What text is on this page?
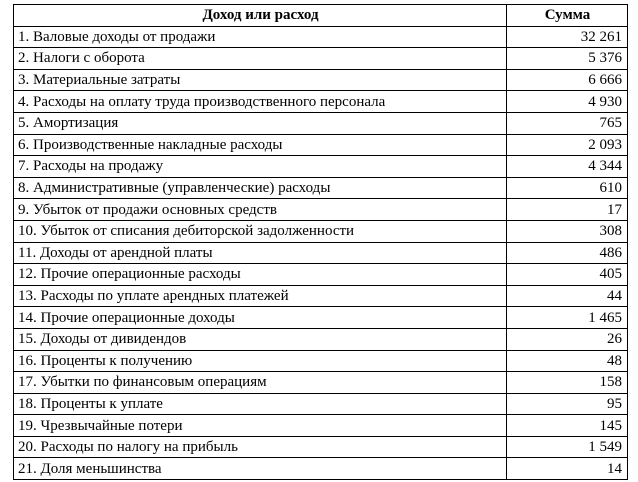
Доход или расход	Сумма
1. Валовые доходы от продажи	32 261
2. Налоги с оборота	5 376
3. Материальные затраты	6 666
4. Расходы на оплату труда производственного персонала	4 930
5. Амортизация	765
6. Производственные накладные расходы	2 093
7. Расходы на продажу	4 344
8. Административные (управленческие) расходы	610
9. Убыток от продажи основных средств	17
10. Убыток от списания дебиторской задолженности	308
11. Доходы от арендной платы	486
12. Прочие операционные расходы	405
13. Расходы по уплате арендных платежей	44
14. Прочие операционные доходы	1 465
15. Доходы от дивидендов	26
16. Проценты к получению	48
17. Убытки по финансовым операциям	158
18. Проценты к уплате	95
19. Чрезвычайные потери	145
20. Расходы по налогу на прибыль	1 549
21. Доля меньшинства	14
